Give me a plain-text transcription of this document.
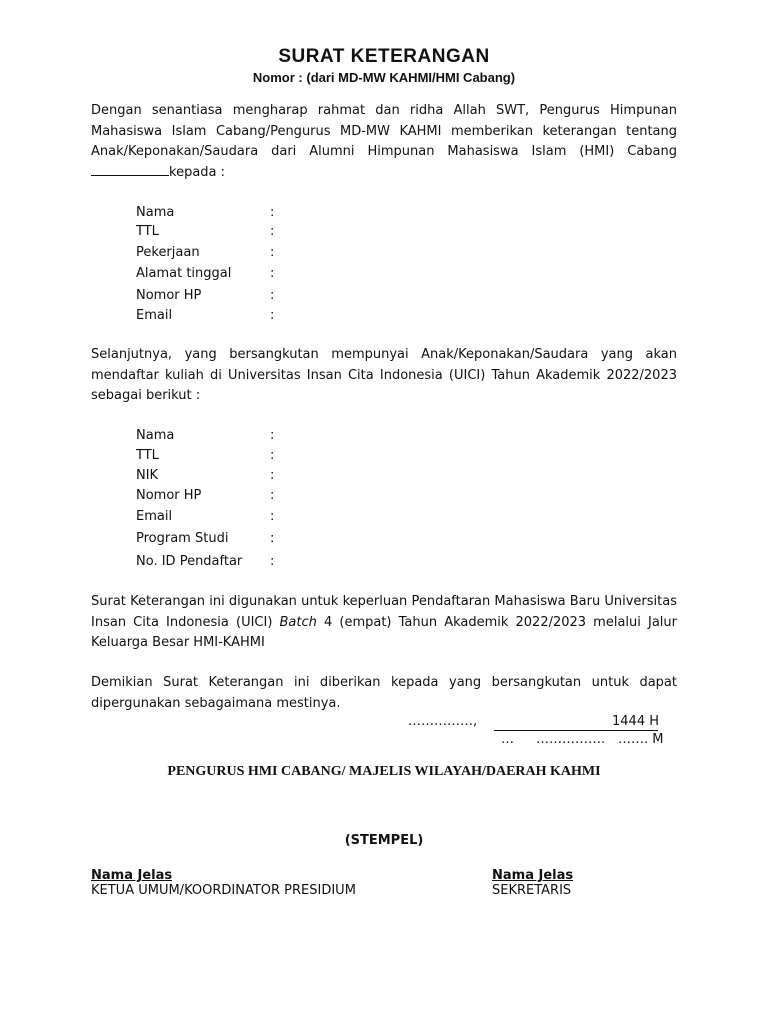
SURAT KETERANGAN
Nomor : (dari MD-MW KAHMI/HMI Cabang)
Dengan senantiasa mengharap rahmat dan ridha Allah SWT, Pengurus Himpunan Mahasiswa Islam Cabang/Pengurus MD-MW KAHMI memberikan keterangan tentang Anak/Keponakan/Saudara dari Alumni Himpunan Mahasiswa Islam (HMI) Cabang kepada :
Nama	:
TTL	:
Pekerjaan	:
Alamat tinggal	:
Nomor HP	:
Email	:
Selanjutnya, yang bersangkutan mempunyai Anak/Keponakan/Saudara yang akan mendaftar kuliah di Universitas Insan Cita Indonesia (UICI) Tahun Akademik 2022/2023 sebagai berikut :
Nama	:
TTL	:
NIK	:
Nomor HP	:
Email	:
Program Studi	:
No. ID Pendaftar :
Surat Keterangan ini digunakan untuk keperluan Pendaftaran Mahasiswa Baru Universitas Insan Cita Indonesia (UICI) Batch 4 (empat) Tahun Akademik 2022/2023 melalui Jalur Keluarga Besar HMI-KAHMI
Demikian Surat Keterangan ini diberikan kepada yang bersangkutan untuk dapat dipergunakan sebagaimana mestinya.
……………,	1444 H
… ……………. ……. M
PENGURUS HMI CABANG/ MAJELIS WILAYAH/DAERAH KAHMI
(STEMPEL)
Nama Jelas
KETUA UMUM/KOORDINATOR PRESIDIUM
Nama Jelas
SEKRETARIS
